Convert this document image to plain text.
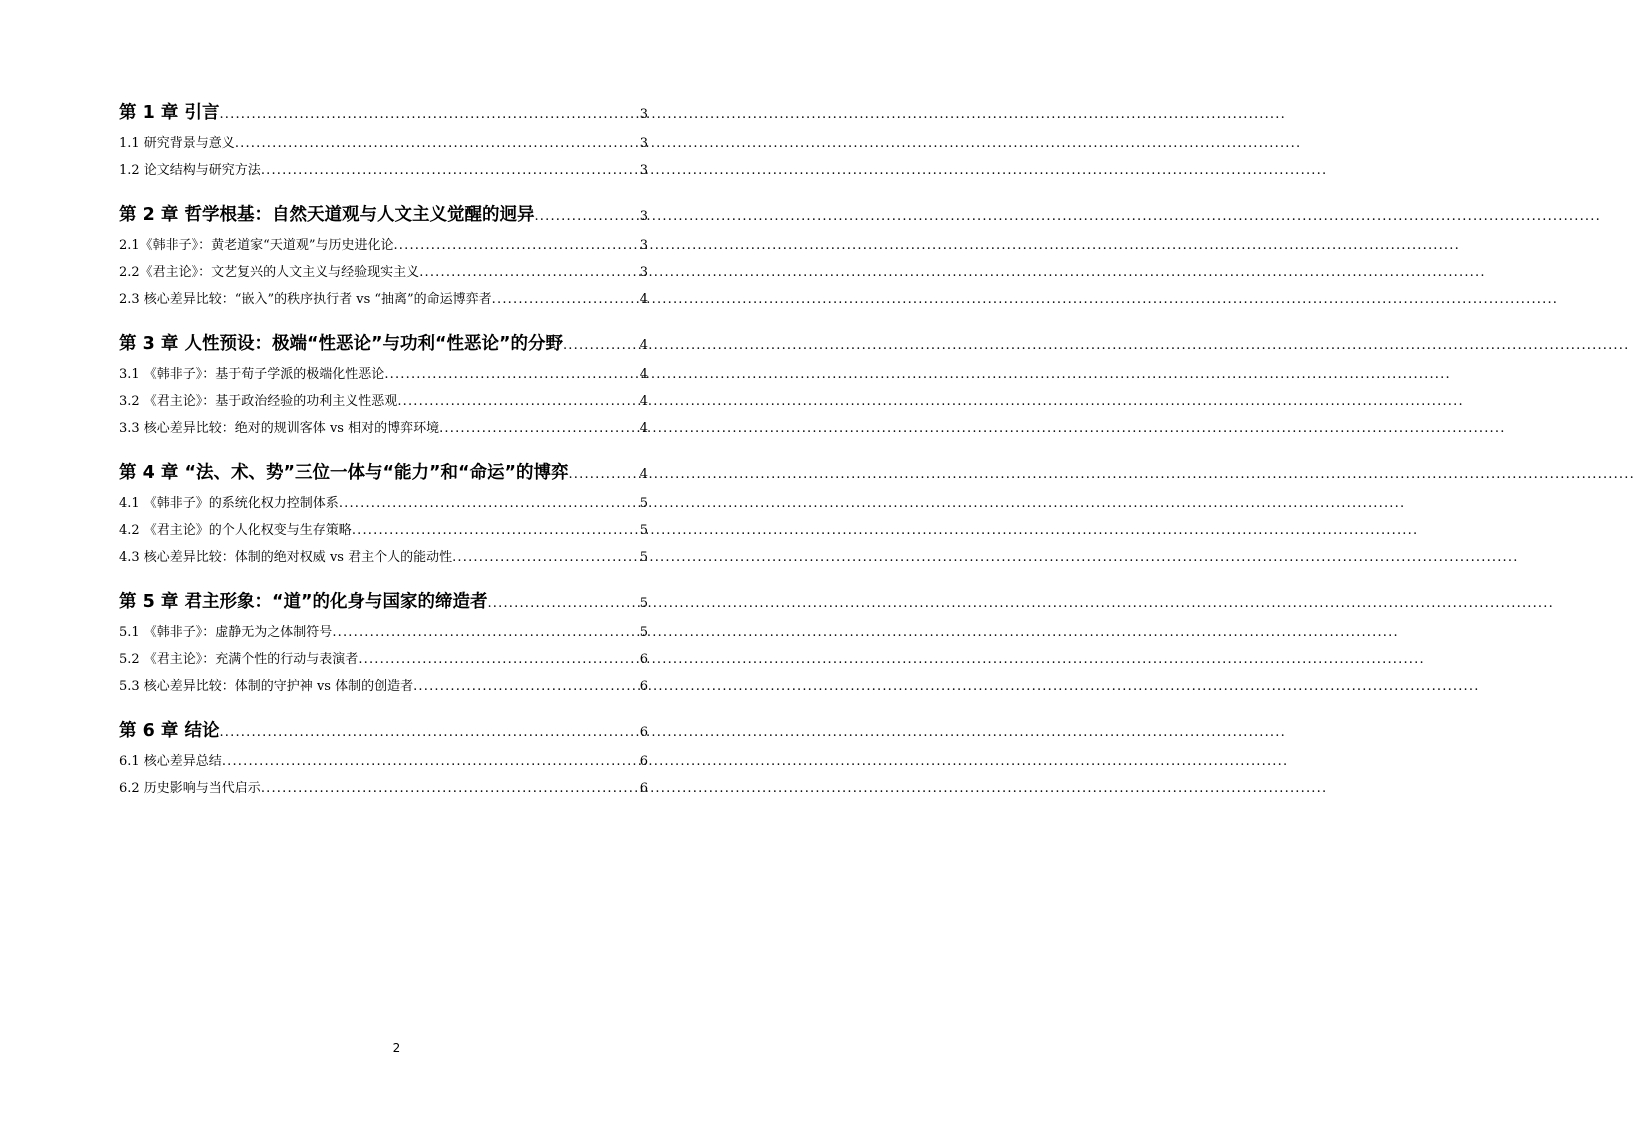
第 1 章 引言 .....	3
1.1 研究背景与意义 .....	3
1.2 论文结构与研究方法 .....	3
第 2 章 哲学根基：自然天道观与人文主义觉醒的迥异 .....	3
2.1《韩非子》：黄老道家“天道观”与历史进化论 .....	3
2.2《君主论》：文艺复兴的人文主义与经验现实主义 .....	3
2.3 核心差异比较：“嵌入”的秩序执行者 vs “抽离”的命运博弈者 .....	4
第 3 章 人性预设：极端“性恶论”与功利“性恶论”的分野 .....	4
3.1 《韩非子》：基于荀子学派的极端化性恶论 .....	4
3.2 《君主论》：基于政治经验的功利主义性恶观 .....	4
3.3 核心差异比较：绝对的规训客体 vs 相对的博弈环境 .....	4
第 4 章 “法、术、势”三位一体与“能力”和“命运”的博弈 .....	4
4.1 《韩非子》的系统化权力控制体系 .....	5
4.2 《君主论》的个人化权变与生存策略 .....	5
4.3 核心差异比较：体制的绝对权威 vs 君主个人的能动性 .....	5
第 5 章 君主形象：“道”的化身与国家的缔造者 .....	5
5.1 《韩非子》：虚静无为之体制符号 .....	5
5.2 《君主论》：充满个性的行动与表演者 .....	6
5.3 核心差异比较：体制的守护神 vs 体制的创造者 .....	6
第 6 章 结论 .....	6
6.1 核心差异总结 .....	6
6.2 历史影响与当代启示 .....	6
2
